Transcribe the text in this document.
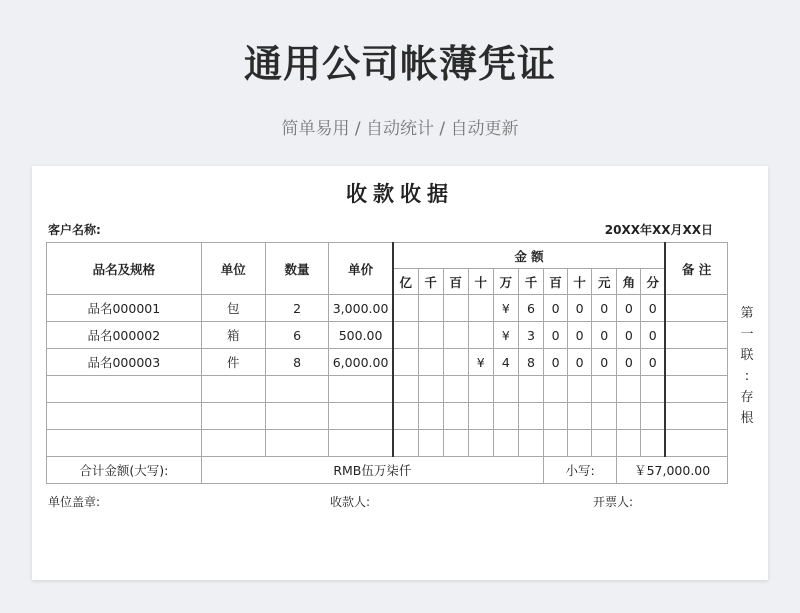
通用公司帐薄凭证
简单易用 / 自动统计 / 自动更新
收款收据
客户名称:	20XX年XX月XX日
品名及规格	单位	数量	单价	金 额											备 注
				亿	千	百	十	万	千	百	十	元	角	分	
品名000001	包	2	3,000.00					¥	6	0	0	0	0	0	
品名000002	箱	6	500.00					¥	3	0	0	0	0	0	
品名000003	件	8	6,000.00				¥	4	8	0	0	0	0	0	

合计金额(大写):	RMB伍万柒仟									小写:			￥57,000.00		
第
一
联
:
存
根
单位盖章:	收款人:	开票人:
